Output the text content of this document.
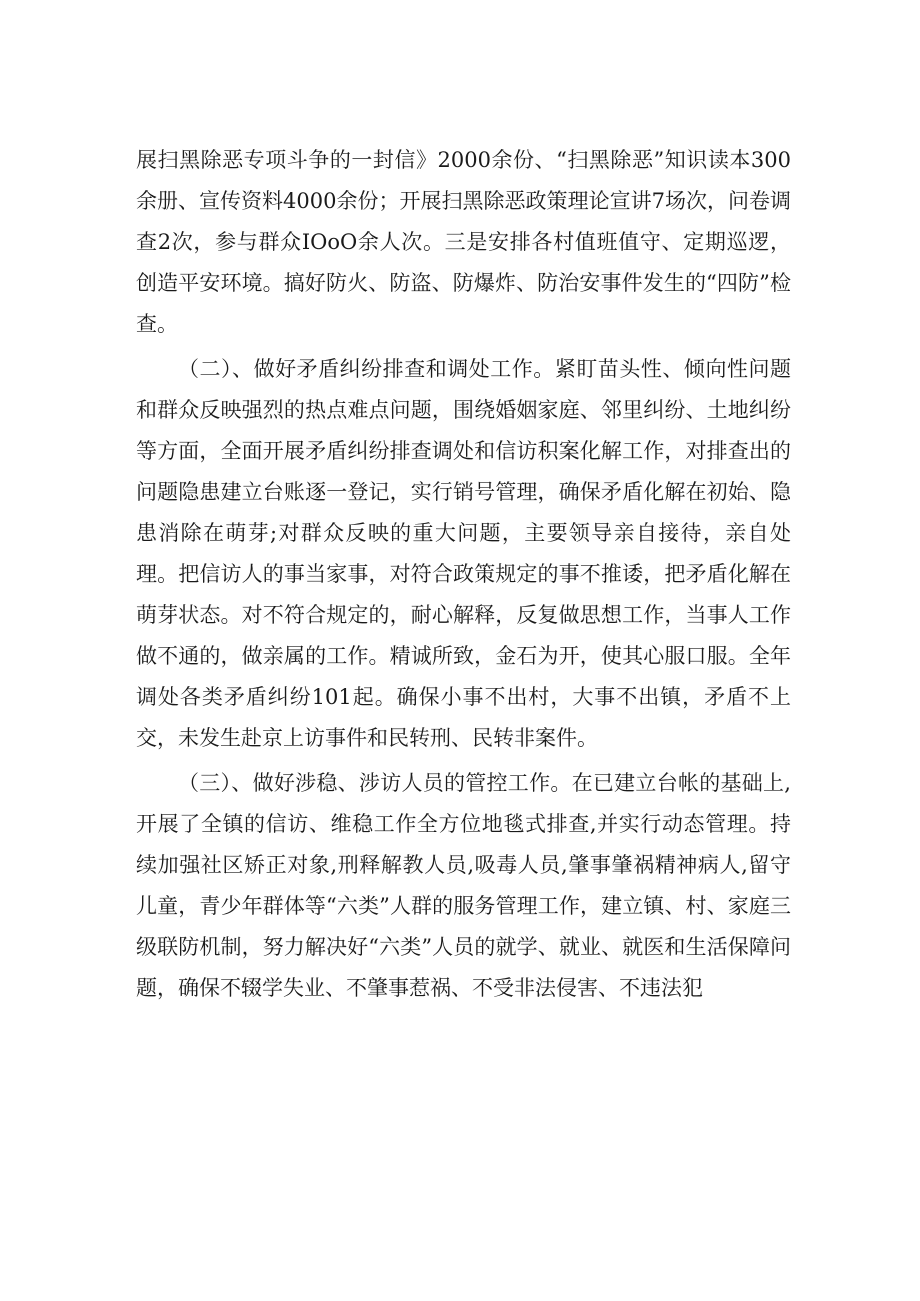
展扫黑除恶专项斗争的一封信》2000余份、“扫黑除恶”知识读本300余册、宣传资料4000余份；开展扫黑除恶政策理论宣讲7场次，问卷调查2次，参与群众IOoO余人次。三是安排各村值班值守、定期巡逻，创造平安环境。搞好防火、防盗、防爆炸、防治安事件发生的“四防”检查。

（二）、做好矛盾纠纷排查和调处工作。紧盯苗头性、倾向性问题和群众反映强烈的热点难点问题，围绕婚姻家庭、邻里纠纷、土地纠纷等方面，全面开展矛盾纠纷排查调处和信访积案化解工作，对排查出的问题隐患建立台账逐一登记，实行销号管理，确保矛盾化解在初始、隐患消除在萌芽;对群众反映的重大问题，主要领导亲自接待，亲自处理。把信访人的事当家事，对符合政策规定的事不推诿，把矛盾化解在萌芽状态。对不符合规定的，耐心解释，反复做思想工作，当事人工作做不通的，做亲属的工作。精诚所致，金石为开，使其心服口服。全年调处各类矛盾纠纷101起。确保小事不出村，大事不出镇，矛盾不上交，未发生赴京上访事件和民转刑、民转非案件。

（三）、做好涉稳、涉访人员的管控工作。在已建立台帐的基础上,开展了全镇的信访、维稳工作全方位地毯式排查,并实行动态管理。持续加强社区矫正对象,刑释解教人员,吸毒人员,肇事肇祸精神病人,留守儿童，青少年群体等“六类”人群的服务管理工作，建立镇、村、家庭三级联防机制，努力解决好“六类”人员的就学、就业、就医和生活保障问题，确保不辍学失业、不肇事惹祸、不受非法侵害、不违法犯
